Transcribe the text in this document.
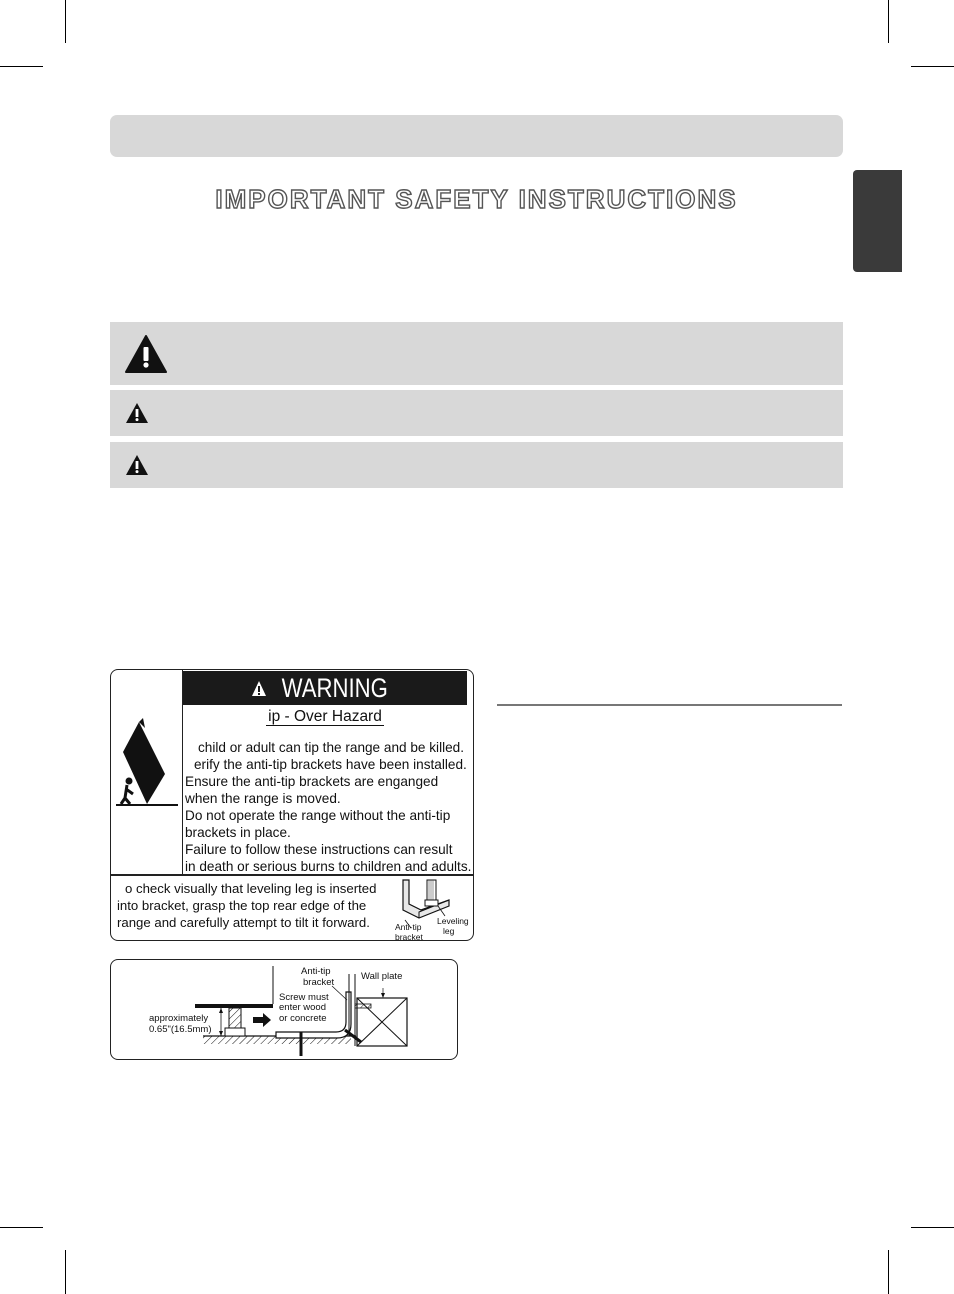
IMPORTANT SAFETY INSTRUCTIONS
WARNING
ip - Over Hazard
child or adult can tip the range and be killed.
erify the anti-tip brackets have been installed.
Ensure the anti-tip brackets are enganged
when the range is moved.
Do not operate the range without the anti-tip
brackets in place.
Failure to follow these instructions can result
in death or serious burns to children and adults.
o check visually that leveling leg is inserted
into bracket, grasp the top rear edge of the
range and carefully attempt to tilt it forward.	Anti-tip
bracket
Leveling
leg
Anti-tip
bracket
Wall plate
Screw must
enter wood
or concrete
approximately
0.65"(16.5mm)
